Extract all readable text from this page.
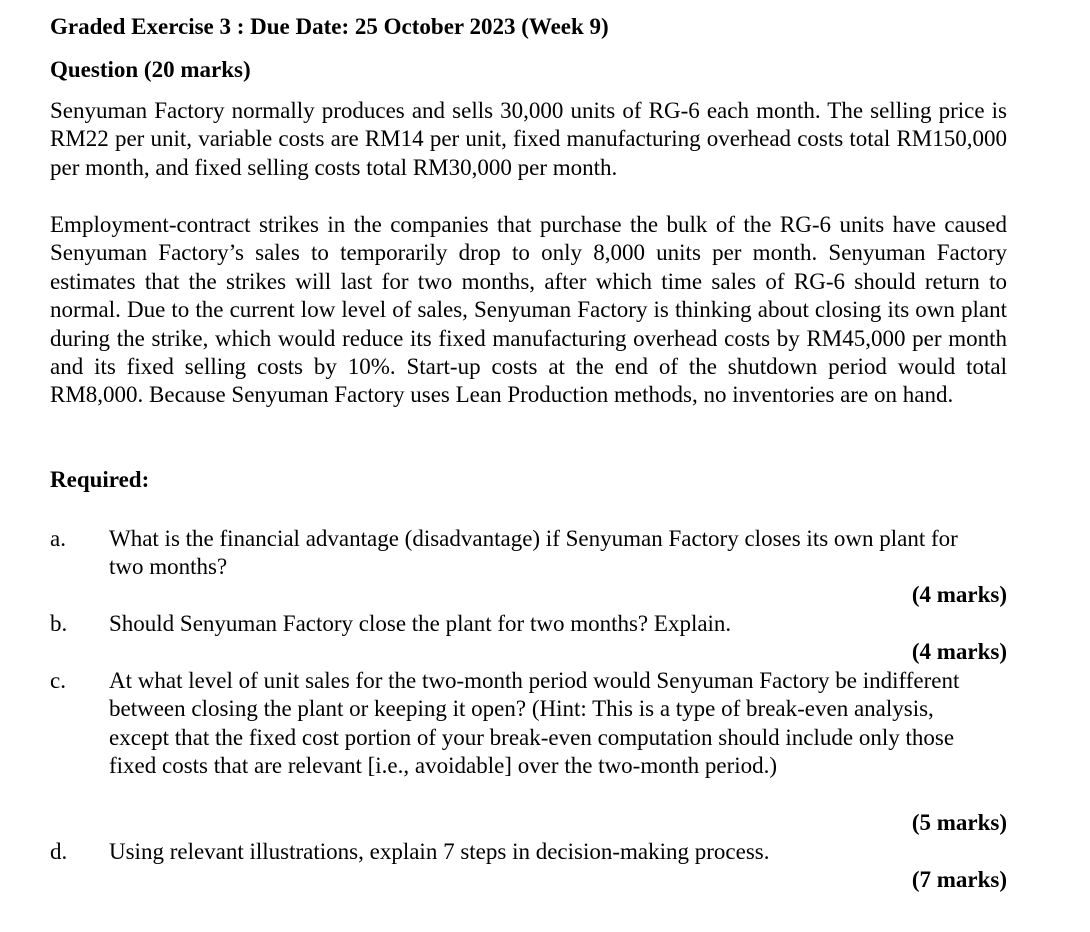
Graded Exercise 3 : Due Date: 25 October 2023 (Week 9)
Question (20 marks)

Senyuman Factory normally produces and sells 30,000 units of RG-6 each month. The selling price is RM22 per unit, variable costs are RM14 per unit, fixed manufacturing overhead costs total RM150,000 per month, and fixed selling costs total RM30,000 per month.

Employment-contract strikes in the companies that purchase the bulk of the RG-6 units have caused Senyuman Factory’s sales to temporarily drop to only 8,000 units per month. Senyuman Factory estimates that the strikes will last for two months, after which time sales of RG-6 should return to normal. Due to the current low level of sales, Senyuman Factory is thinking about closing its own plant during the strike, which would reduce its fixed manufacturing overhead costs by RM45,000 per month and its fixed selling costs by 10%. Start-up costs at the end of the shutdown period would total RM8,000. Because Senyuman Factory uses Lean Production methods, no inventories are on hand.

Required:
a. What is the financial advantage (disadvantage) if Senyuman Factory closes its own plant for two months?

(4 marks)
b. Should Senyuman Factory close the plant for two months? Explain.

(4 marks)
c. At what level of unit sales for the two-month period would Senyuman Factory be indifferent between closing the plant or keeping it open? (Hint: This is a type of break-even analysis, except that the fixed cost portion of your break-even computation should include only those fixed costs that are relevant [i.e., avoidable] over the two-month period.)

(5 marks)
d. Using relevant illustrations, explain 7 steps in decision-making process.

(7 marks)
